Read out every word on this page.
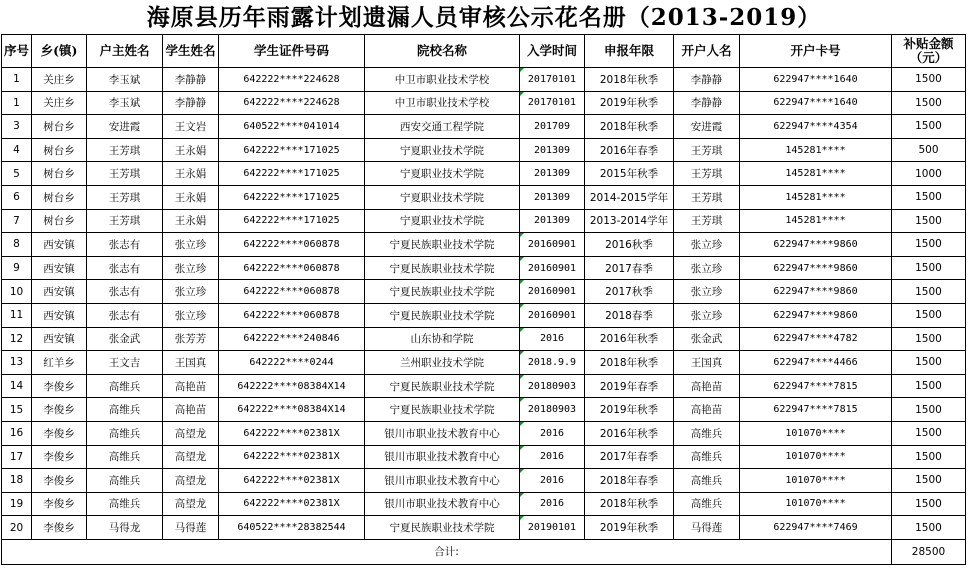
海原县历年雨露计划遗漏人员审核公示花名册（2013-2019）
序号	乡(镇)	户主姓名	学生姓名	学生证件号码	院校名称	入学时间	申报年限	开户人名	开户卡号	补贴金额（元）
1	关庄乡	李玉斌	李静静	642222****224628	中卫市职业技术学校	20170101	2018年秋季	李静静	622947****1640	1500
1	关庄乡	李玉斌	李静静	642222****224628	中卫市职业技术学校	20170101	2019年秋季	李静静	622947****1640	1500
3	树台乡	安进霞	王文岩	640522****041014	西安交通工程学院	201709	2018年秋季	安进霞	622947****4354	1500
4	树台乡	王芳琪	王永娟	642222****171025	宁夏职业技术学院	201309	2016年春季	王芳琪	145281****	500
5	树台乡	王芳琪	王永娟	642222****171025	宁夏职业技术学院	201309	2015年秋季	王芳琪	145281****	1000
6	树台乡	王芳琪	王永娟	642222****171025	宁夏职业技术学院	201309	2014-2015学年	王芳琪	145281****	1500
7	树台乡	王芳琪	王永娟	642222****171025	宁夏职业技术学院	201309	2013-2014学年	王芳琪	145281****	1500
8	西安镇	张志有	张立珍	642222****060878	宁夏民族职业技术学院	20160901	2016秋季	张立珍	622947****9860	1500
9	西安镇	张志有	张立珍	642222****060878	宁夏民族职业技术学院	20160901	2017春季	张立珍	622947****9860	1500
10	西安镇	张志有	张立珍	642222****060878	宁夏民族职业技术学院	20160901	2017秋季	张立珍	622947****9860	1500
11	西安镇	张志有	张立珍	642222****060878	宁夏民族职业技术学院	20160901	2018春季	张立珍	622947****9860	1500
12	西安镇	张金武	张芳芳	642222****240846	山东协和学院	2016	2016年秋季	张金武	622947****4782	1500
13	红羊乡	王文吉	王国真	642222****0244	兰州职业技术学院	2018.9.9	2018年秋季	王国真	622947****4466	1500
14	李俊乡	高维兵	高艳苗	642222****08384X14	宁夏民族职业技术学院	20180903	2019年春季	高艳苗	622947****7815	1500
15	李俊乡	高维兵	高艳苗	642222****08384X14	宁夏民族职业技术学院	20180903	2019年秋季	高艳苗	622947****7815	1500
16	李俊乡	高维兵	高望龙	642222****02381X	银川市职业技术教育中心	2016	2016年秋季	高维兵	101070****	1500
17	李俊乡	高维兵	高望龙	642222****02381X	银川市职业技术教育中心	2016	2017年春季	高维兵	101070****	1500
18	李俊乡	高维兵	高望龙	642222****02381X	银川市职业技术教育中心	2016	2018年春季	高维兵	101070****	1500
19	李俊乡	高维兵	高望龙	642222****02381X	银川市职业技术教育中心	2016	2018年秋季	高维兵	101070****	1500
20	李俊乡	马得龙	马得莲	640522****28382544	宁夏民族职业技术学院	20190101	2019年秋季	马得莲	622947****7469	1500
合计:										28500
